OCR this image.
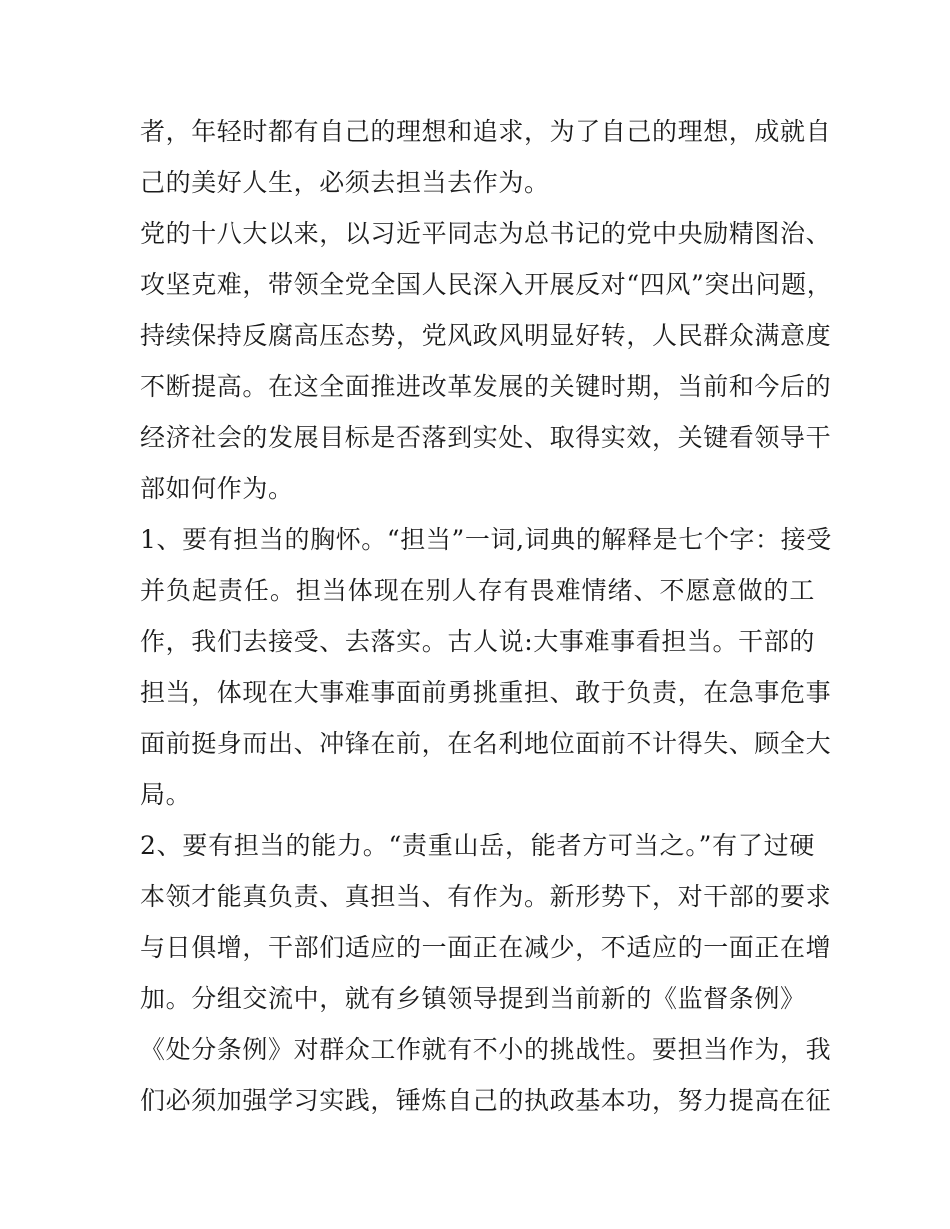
者，年轻时都有自己的理想和追求，为了自己的理想，成就自
己的美好人生，必须去担当去作为。
党的十八大以来，以习近平同志为总书记的党中央励精图治、
攻坚克难，带领全党全国人民深入开展反对“四风”突出问题，
持续保持反腐高压态势，党风政风明显好转，人民群众满意度
不断提高。在这全面推进改革发展的关键时期，当前和今后的
经济社会的发展目标是否落到实处、取得实效，关键看领导干
部如何作为。
1、要有担当的胸怀。“担当”一词,词典的解释是七个字：接受
并负起责任。担当体现在别人存有畏难情绪、不愿意做的工
作，我们去接受、去落实。古人说:大事难事看担当。干部的
担当，体现在大事难事面前勇挑重担、敢于负责，在急事危事
面前挺身而出、冲锋在前，在名利地位面前不计得失、顾全大
局。
2、要有担当的能力。“责重山岳，能者方可当之。”有了过硬
本领才能真负责、真担当、有作为。新形势下，对干部的要求
与日俱增，干部们适应的一面正在减少，不适应的一面正在增
加。分组交流中，就有乡镇领导提到当前新的《监督条例》
《处分条例》对群众工作就有不小的挑战性。要担当作为，我
们必须加强学习实践，锤炼自己的执政基本功，努力提高在征
